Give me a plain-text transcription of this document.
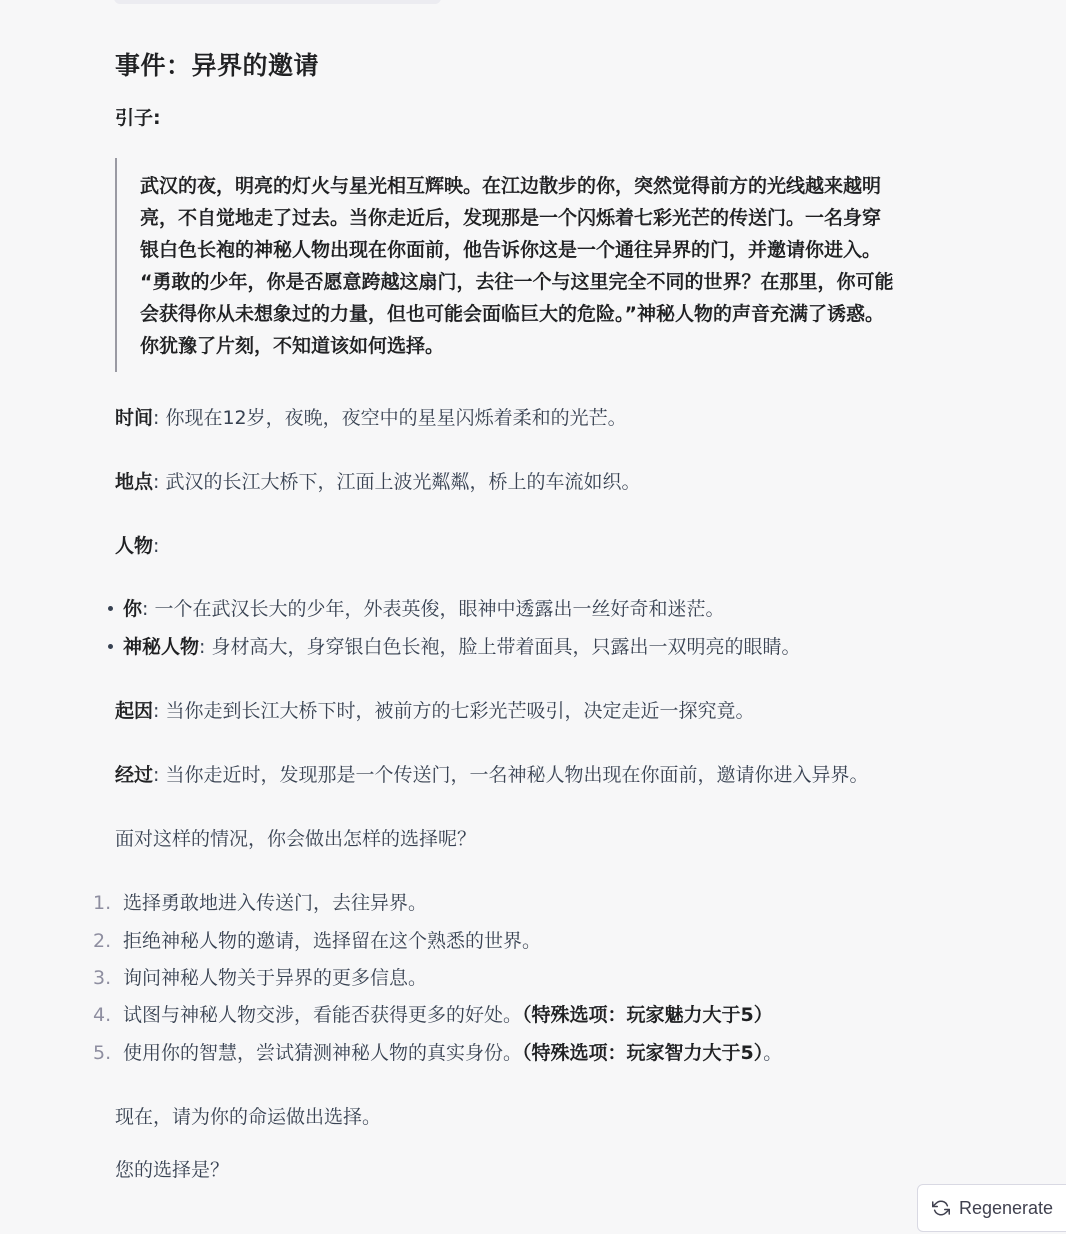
事件：异界的邀请
引子:
武汉的夜，明亮的灯火与星光相互辉映。在江边散步的你，突然觉得前方的光线越来越明
亮，不自觉地走了过去。当你走近后，发现那是一个闪烁着七彩光芒的传送门。一名身穿
银白色长袍的神秘人物出现在你面前，他告诉你这是一个通往异界的门，并邀请你进入。
“勇敢的少年，你是否愿意跨越这扇门，去往一个与这里完全不同的世界？在那里，你可能
会获得你从未想象过的力量，但也可能会面临巨大的危险。”神秘人物的声音充满了诱惑。
你犹豫了片刻，不知道该如何选择。
时间: 你现在12岁，夜晚，夜空中的星星闪烁着柔和的光芒。
地点: 武汉的长江大桥下，江面上波光粼粼，桥上的车流如织。
人物:
你: 一个在武汉长大的少年，外表英俊，眼神中透露出一丝好奇和迷茫。
神秘人物: 身材高大，身穿银白色长袍，脸上带着面具，只露出一双明亮的眼睛。
起因: 当你走到长江大桥下时，被前方的七彩光芒吸引，决定走近一探究竟。
经过: 当你走近时，发现那是一个传送门，一名神秘人物出现在你面前，邀请你进入异界。
面对这样的情况，你会做出怎样的选择呢？
1. 选择勇敢地进入传送门，去往异界。
2. 拒绝神秘人物的邀请，选择留在这个熟悉的世界。
3. 询问神秘人物关于异界的更多信息。
4. 试图与神秘人物交涉，看能否获得更多的好处。（特殊选项：玩家魅力大于5）
5. 使用你的智慧，尝试猜测神秘人物的真实身份。（特殊选项：玩家智力大于5）。
现在，请为你的命运做出选择。
您的选择是？
Regenerate
